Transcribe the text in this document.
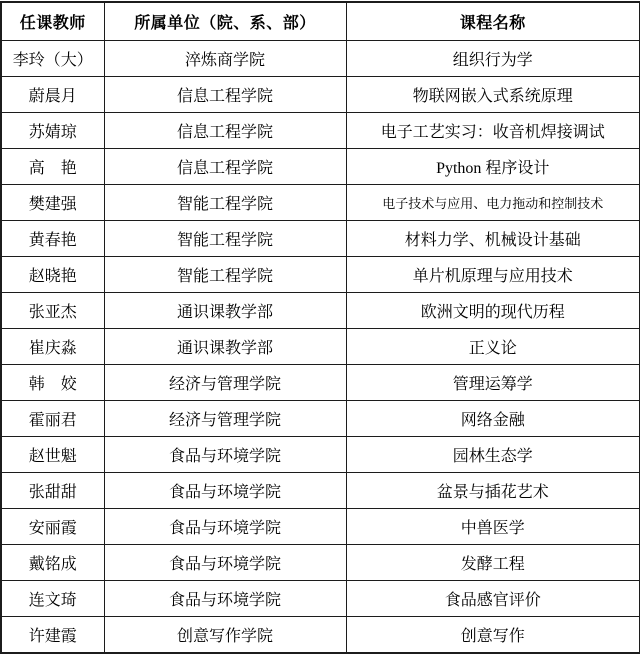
任课教师	所属单位（院、系、部）	课程名称
李玲（大）	淬炼商学院	组织行为学
蔚晨月	信息工程学院	物联网嵌入式系统原理
苏婧琼	信息工程学院	电子工艺实习：收音机焊接调试
高　艳	信息工程学院	Python 程序设计
樊建强	智能工程学院	电子技术与应用、电力拖动和控制技术
黄春艳	智能工程学院	材料力学、机械设计基础
赵晓艳	智能工程学院	单片机原理与应用技术
张亚杰	通识课教学部	欧洲文明的现代历程
崔庆淼	通识课教学部	正义论
韩　姣	经济与管理学院	管理运筹学
霍丽君	经济与管理学院	网络金融
赵世魁	食品与环境学院	园林生态学
张甜甜	食品与环境学院	盆景与插花艺术
安丽霞	食品与环境学院	中兽医学
戴铭成	食品与环境学院	发酵工程
连文琦	食品与环境学院	食品感官评价
许建霞	创意写作学院	创意写作
